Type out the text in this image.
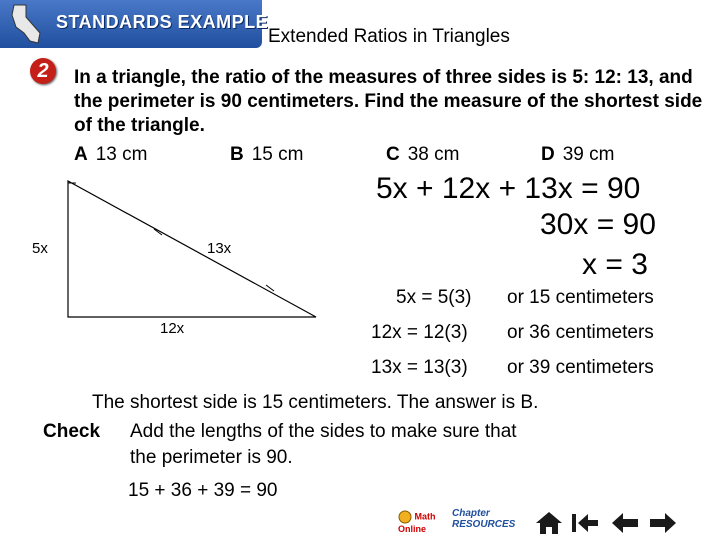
STANDARDS EXAMPLE
Extended Ratios in Triangles
2	In a triangle, the ratio of the measures of three sides is 5: 12: 13, and the perimeter is 90 centimeters. Find the measure of the shortest side of the triangle.
A 13 cm	B 15 cm	C 38 cm	D 39 cm
5x	13x
12x
5x + 12x + 13x = 90
30x = 90
x = 3
5x = 5(3) or 15 centimeters
12x = 12(3) or 36 centimeters
13x = 13(3) or 39 centimeters
The shortest side is 15 centimeters. The answer is B.
Check Add the lengths of the sides to make sure that
the perimeter is 90.
15 + 36 + 39 = 90
Math Online
Chapter RESOURCES
